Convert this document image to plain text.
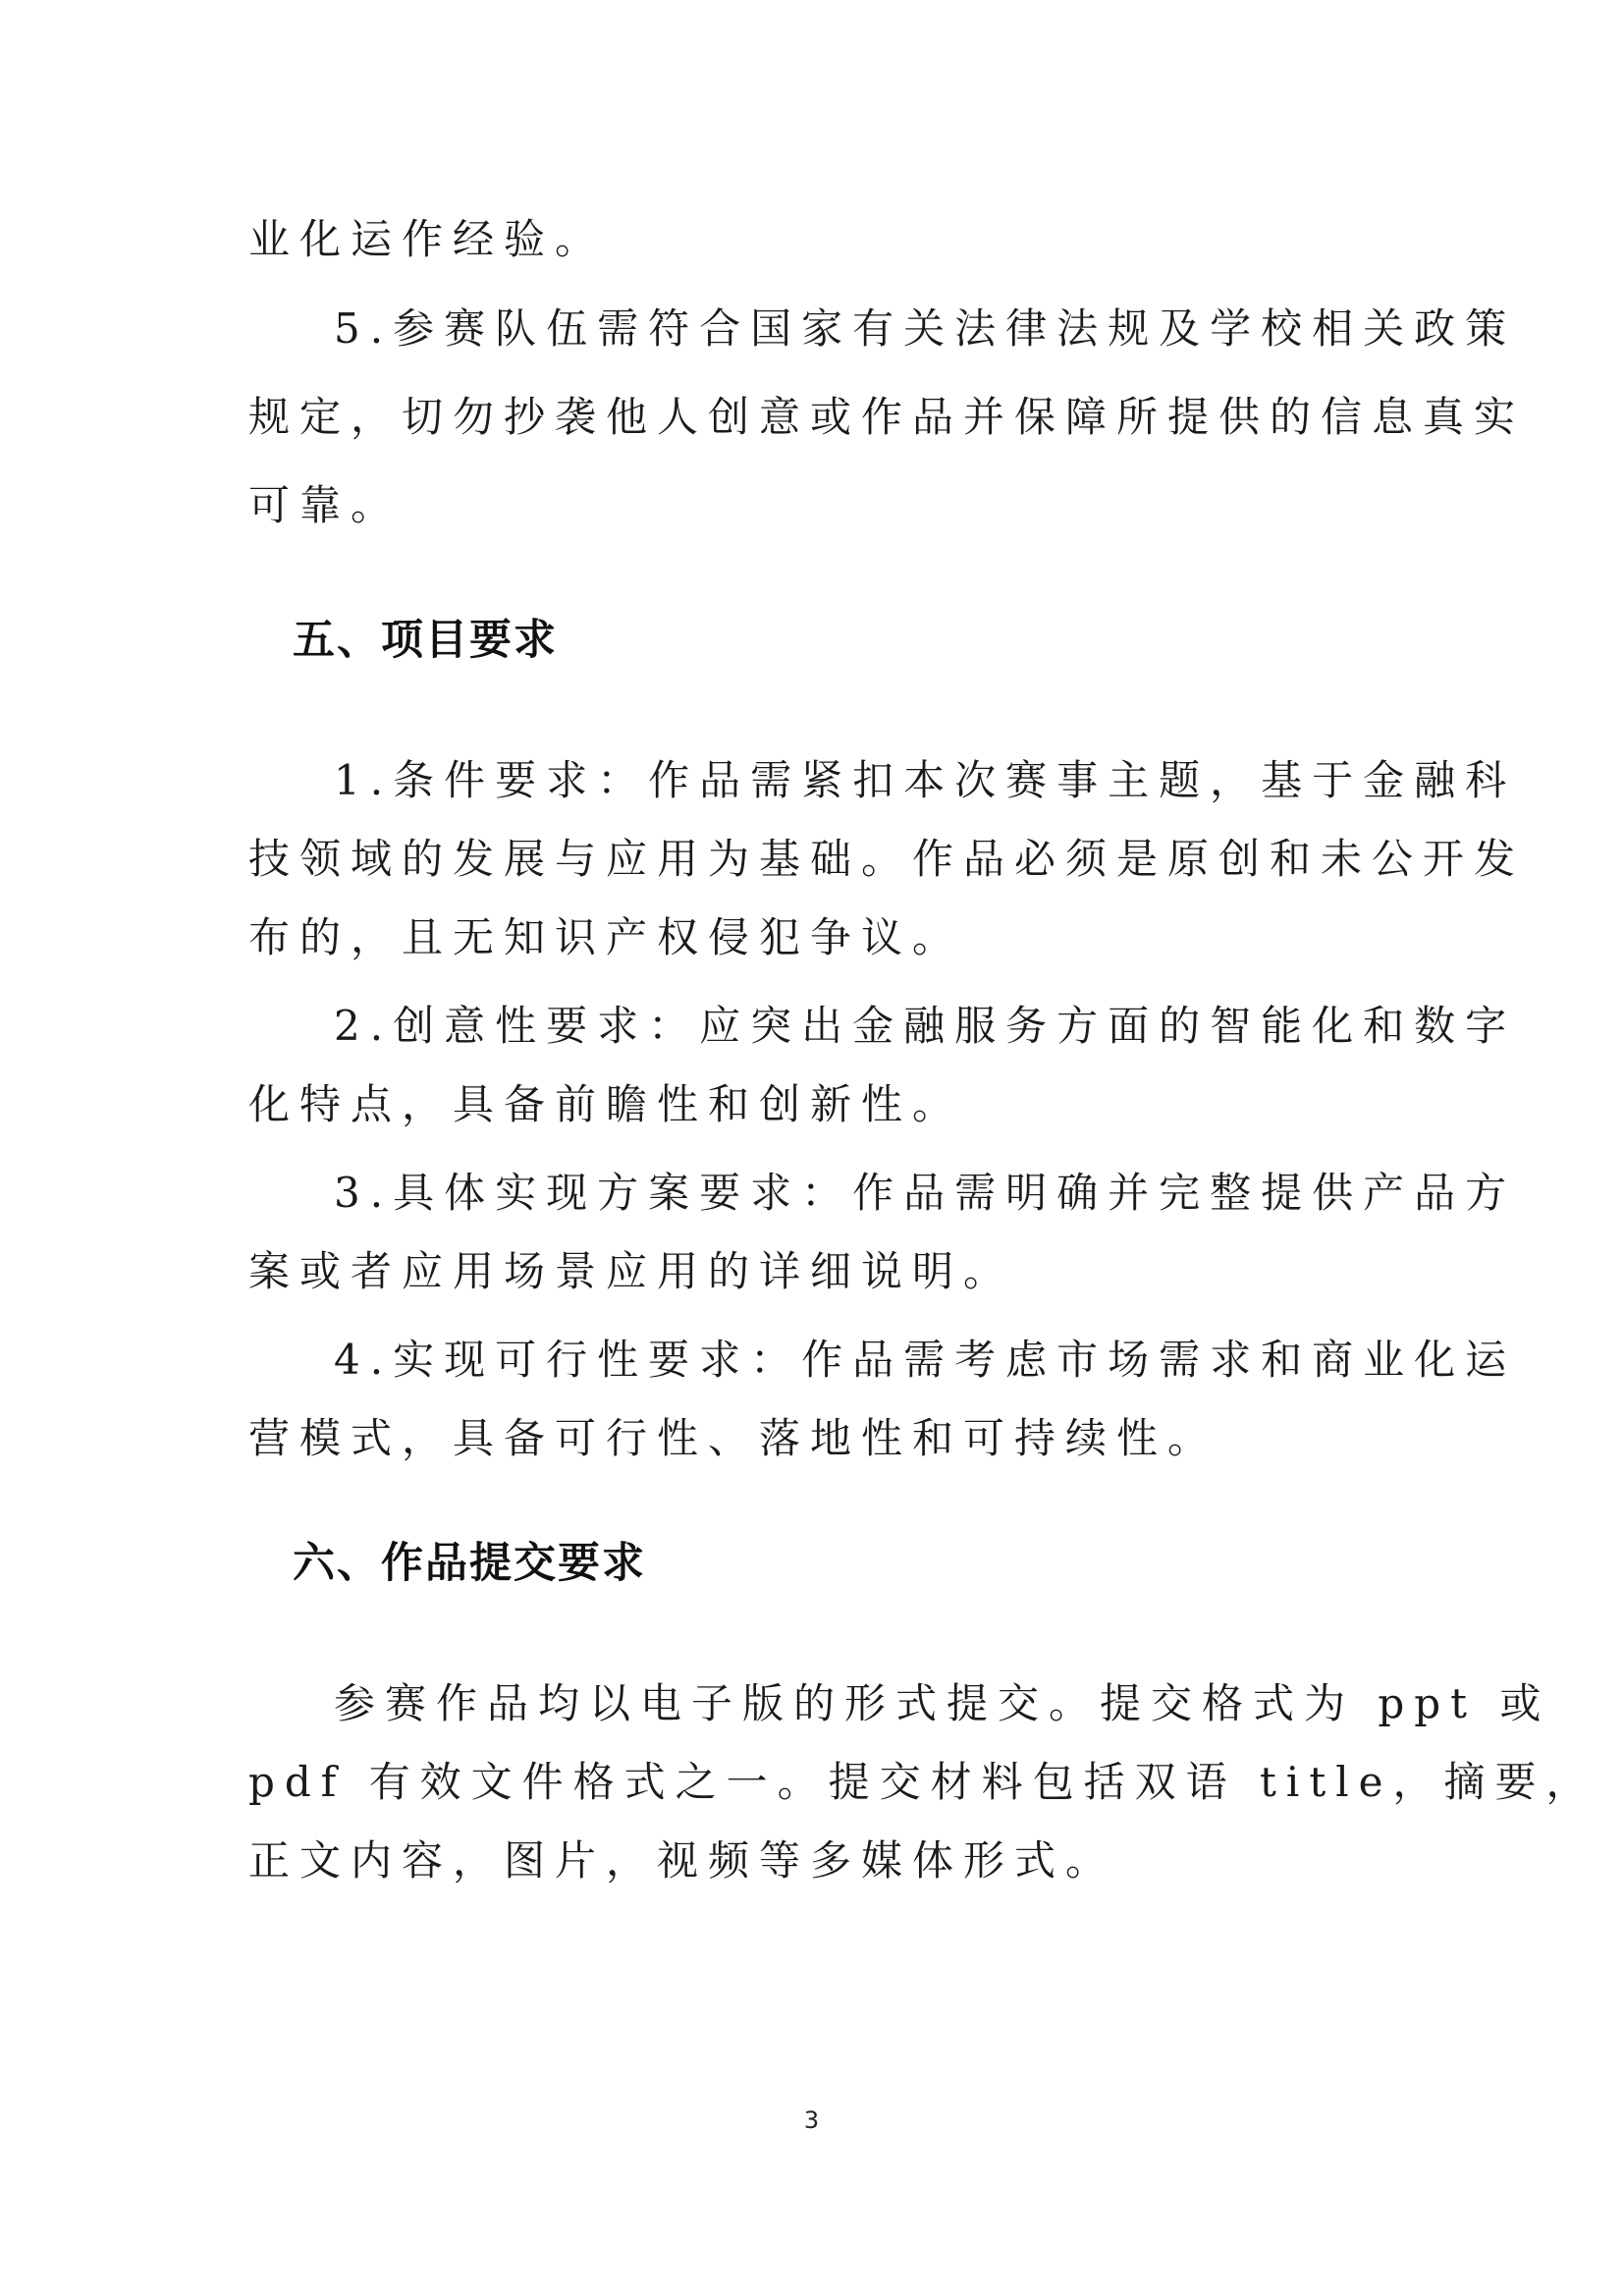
业化运作经验。
5.参赛队伍需符合国家有关法律法规及学校相关政策
规定，切勿抄袭他人创意或作品并保障所提供的信息真实
可靠。
五、项目要求
1.条件要求：作品需紧扣本次赛事主题，基于金融科
技领域的发展与应用为基础。作品必须是原创和未公开发
布的，且无知识产权侵犯争议。
2.创意性要求：应突出金融服务方面的智能化和数字
化特点，具备前瞻性和创新性。
3.具体实现方案要求：作品需明确并完整提供产品方
案或者应用场景应用的详细说明。
4.实现可行性要求：作品需考虑市场需求和商业化运
营模式，具备可行性、落地性和可持续性。
六、作品提交要求
参赛作品均以电子版的形式提交。提交格式为 ppt 或
pdf 有效文件格式之一。提交材料包括双语 title，摘要，
正文内容，图片，视频等多媒体形式。
3
